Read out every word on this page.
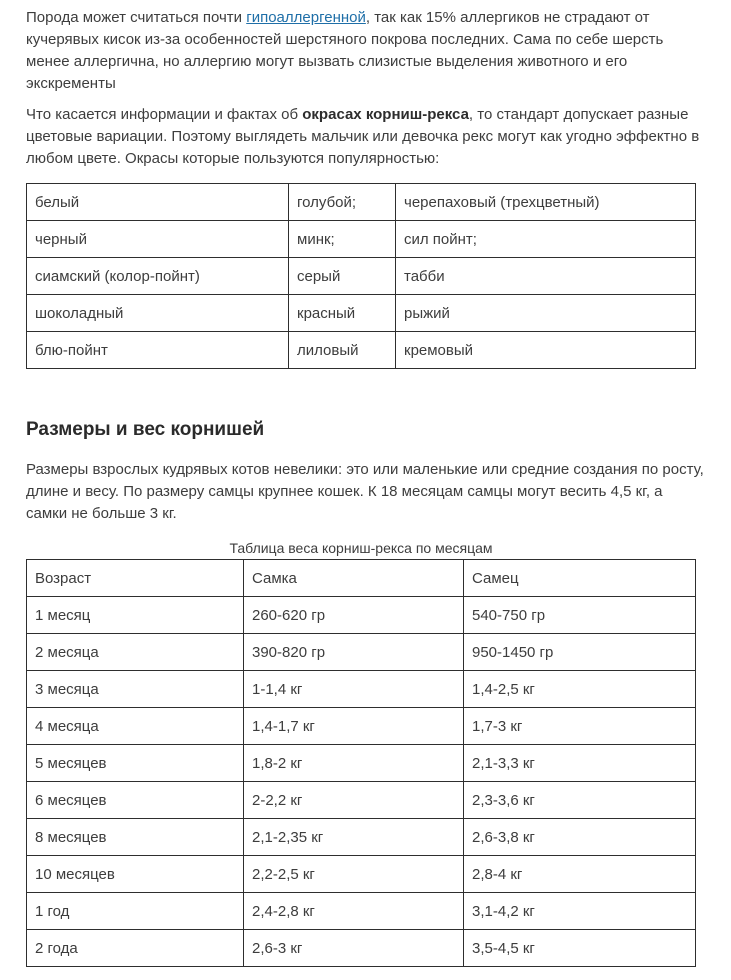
Порода может считаться почти гипоаллергенной, так как 15% аллергиков не страдают от кучерявых кисок из-за особенностей шерстяного покрова последних. Сама по себе шерсть менее аллергична, но аллергию могут вызвать слизистые выделения животного и его экскременты

Что касается информации и фактах об окрасах корниш-рекса, то стандарт допускает разные цветовые вариации. Поэтому выглядеть мальчик или девочка рекс могут как угодно эффектно в любом цвете. Окрасы которые пользуются популярностью:

белый	голубой;	черепаховый (трехцветный)
черный	минк;	сил пойнт;
сиамский (колор-пойнт)	серый	табби
шоколадный	красный	рыжий
блю-пойнт	лиловый	кремовый
Размеры и вес корнишей

Размеры взрослых кудрявых котов невелики: это или маленькие или средние создания по росту, длине и весу. По размеру самцы крупнее кошек. К 18 месяцам самцы могут весить 4,5 кг, а самки не больше 3 кг.

Таблица веса корниш-рекса по месяцам
Возраст	Самка	Самец
1 месяц	260-620 гр	540-750 гр
2 месяца	390-820 гр	950-1450 гр
3 месяца	1-1,4 кг	1,4-2,5 кг
4 месяца	1,4-1,7 кг	1,7-3 кг
5 месяцев	1,8-2 кг	2,1-3,3 кг
6 месяцев	2-2,2 кг	2,3-3,6 кг
8 месяцев	2,1-2,35 кг	2,6-3,8 кг
10 месяцев	2,2-2,5 кг	2,8-4 кг
1 год	2,4-2,8 кг	3,1-4,2 кг
2 года	2,6-3 кг	3,5-4,5 кг
